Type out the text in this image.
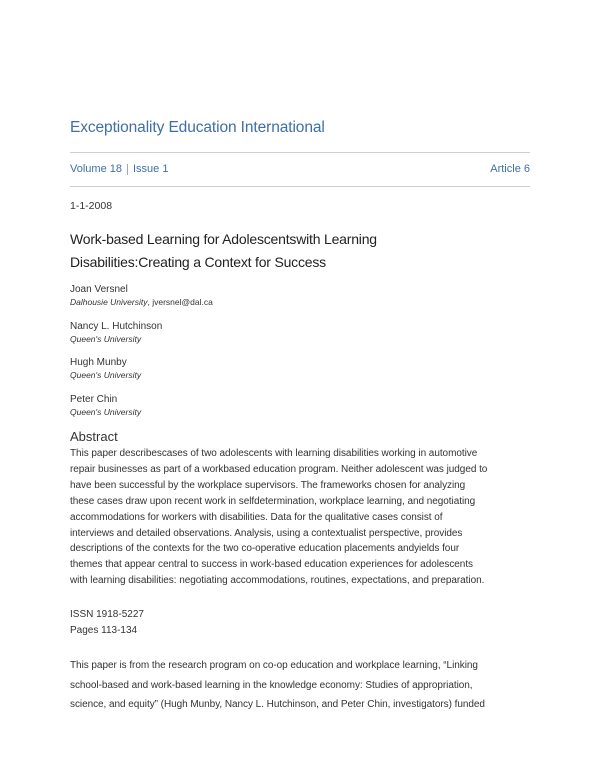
Exceptionality Education International
Volume 18 Issue 1	Article 6
1-1-2008
Work-based Learning for Adolescentswith Learning
Disabilities:Creating a Context for Success
Joan Versnel
Dalhousie University, jversnel@dal.ca
Nancy L. Hutchinson
Queen's University
Hugh Munby
Queen's University
Peter Chin
Queen's University
Abstract
This paper describescases of two adolescents with learning disabilities working in automotive
repair businesses as part of a workbased education program. Neither adolescent was judged to
have been successful by the workplace supervisors. The frameworks chosen for analyzing
these cases draw upon recent work in selfdetermination, workplace learning, and negotiating
accommodations for workers with disabilities. Data for the qualitative cases consist of
interviews and detailed observations. Analysis, using a contextualist perspective, provides
descriptions of the contexts for the two co-operative education placements andyields four
themes that appear central to success in work-based education experiences for adolescents
with learning disabilities: negotiating accommodations, routines, expectations, and preparation.
ISSN 1918-5227
Pages 113-134
This paper is from the research program on co-op education and workplace learning, “Linking
school-based and work-based learning in the knowledge economy: Studies of appropriation,
science, and equity” (Hugh Munby, Nancy L. Hutchinson, and Peter Chin, investigators) funded
